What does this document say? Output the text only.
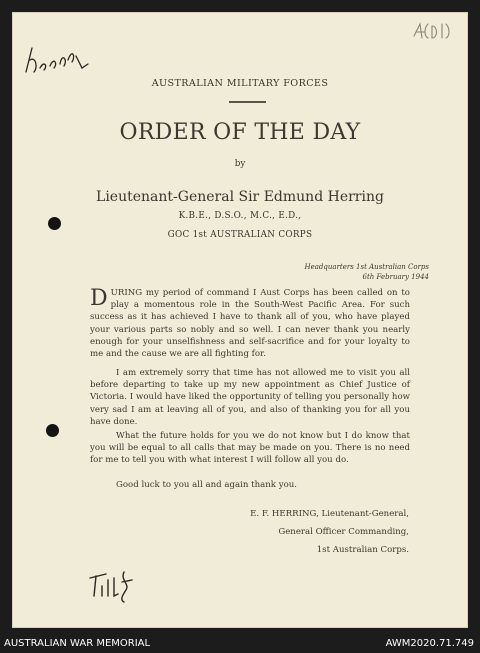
AUSTRALIAN MILITARY FORCES

ORDER OF THE DAY

by

Lieutenant-General Sir Edmund Herring

K.B.E., D.S.O., M.C., E.D.,

GOC 1st AUSTRALIAN CORPS

Headquarters 1st Australian Corps
6th February 1944

DURING my period of command I Aust Corps has been called on to play a momentous role in the South-West Pacific Area. For such success as it has achieved I have to thank all of you, who have played your various parts so nobly and so well. I can never thank you nearly enough for your unselfishness and self-sacrifice and for your loyalty to me and the cause we are all fighting for.

I am extremely sorry that time has not allowed me to visit you all before departing to take up my new appointment as Chief Justice of Victoria. I would have liked the opportunity of telling you personally how very sad I am at leaving all of you, and also of thanking you for all you have done.

What the future holds for you we do not know but I do know that you will be equal to all calls that may be made on you. There is no need for me to tell you with what interest I will follow all you do.

Good luck to you all and again thank you.

E. F. HERRING, Lieutenant-General,

General Officer Commanding,

1st Australian Corps.

AUSTRALIAN WAR MEMORIAL	AWM2020.71.749
